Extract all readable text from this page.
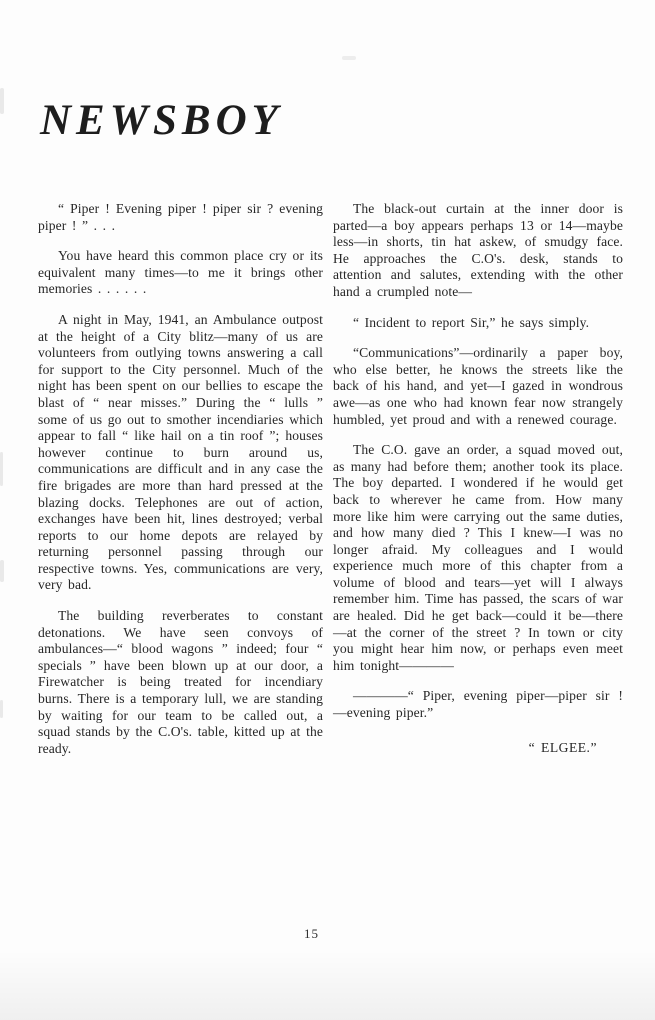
NEWSBOY

“ Piper ! Evening piper ! piper sir ? evening piper ! ” . . .

You have heard this common place cry or its equivalent many times—to me it brings other memories . . . . . .

A night in May, 1941, an Ambulance outpost at the height of a City blitz—many of us are volunteers from outlying towns answering a call for support to the City personnel. Much of the night has been spent on our bellies to escape the blast of “ near misses.” During the “ lulls ” some of us go out to smother incendiaries which appear to fall “ like hail on a tin roof ”; houses however continue to burn around us, communications are difficult and in any case the fire brigades are more than hard pressed at the blazing docks. Telephones are out of action, exchanges have been hit, lines destroyed; verbal reports to our home depots are relayed by returning personnel passing through our respective towns. Yes, communications are very, very bad.

The building reverberates to constant detonations. We have seen convoys of ambulances—“ blood wagons ” indeed; four “ specials ” have been blown up at our door, a Firewatcher is being treated for incendiary burns. There is a temporary lull, we are standing by waiting for our team to be called out, a squad stands by the C.O's. table, kitted up at the ready.

The black-out curtain at the inner door is parted—a boy appears perhaps 13 or 14—maybe less—in shorts, tin hat askew, of smudgy face. He approaches the C.O's. desk, stands to attention and salutes, extending with the other hand a crumpled note—

“ Incident to report Sir,” he says simply.

“Communications”—ordinarily a paper boy, who else better, he knows the streets like the back of his hand, and yet—I gazed in wondrous awe—as one who had known fear now strangely humbled, yet proud and with a renewed courage.

The C.O. gave an order, a squad moved out, as many had before them; another took its place. The boy departed. I wondered if he would get back to wherever he came from. How many more like him were carrying out the same duties, and how many died ? This I knew—I was no longer afraid. My colleagues and I would experience much more of this chapter from a volume of blood and tears—yet will I always remember him. Time has passed, the scars of war are healed. Did he get back—could it be—there—at the corner of the street ? In town or city you might hear him now, or perhaps even meet him tonight————

————“ Piper, evening piper—piper sir ! —evening piper.”

“ ELGEE.”
15
